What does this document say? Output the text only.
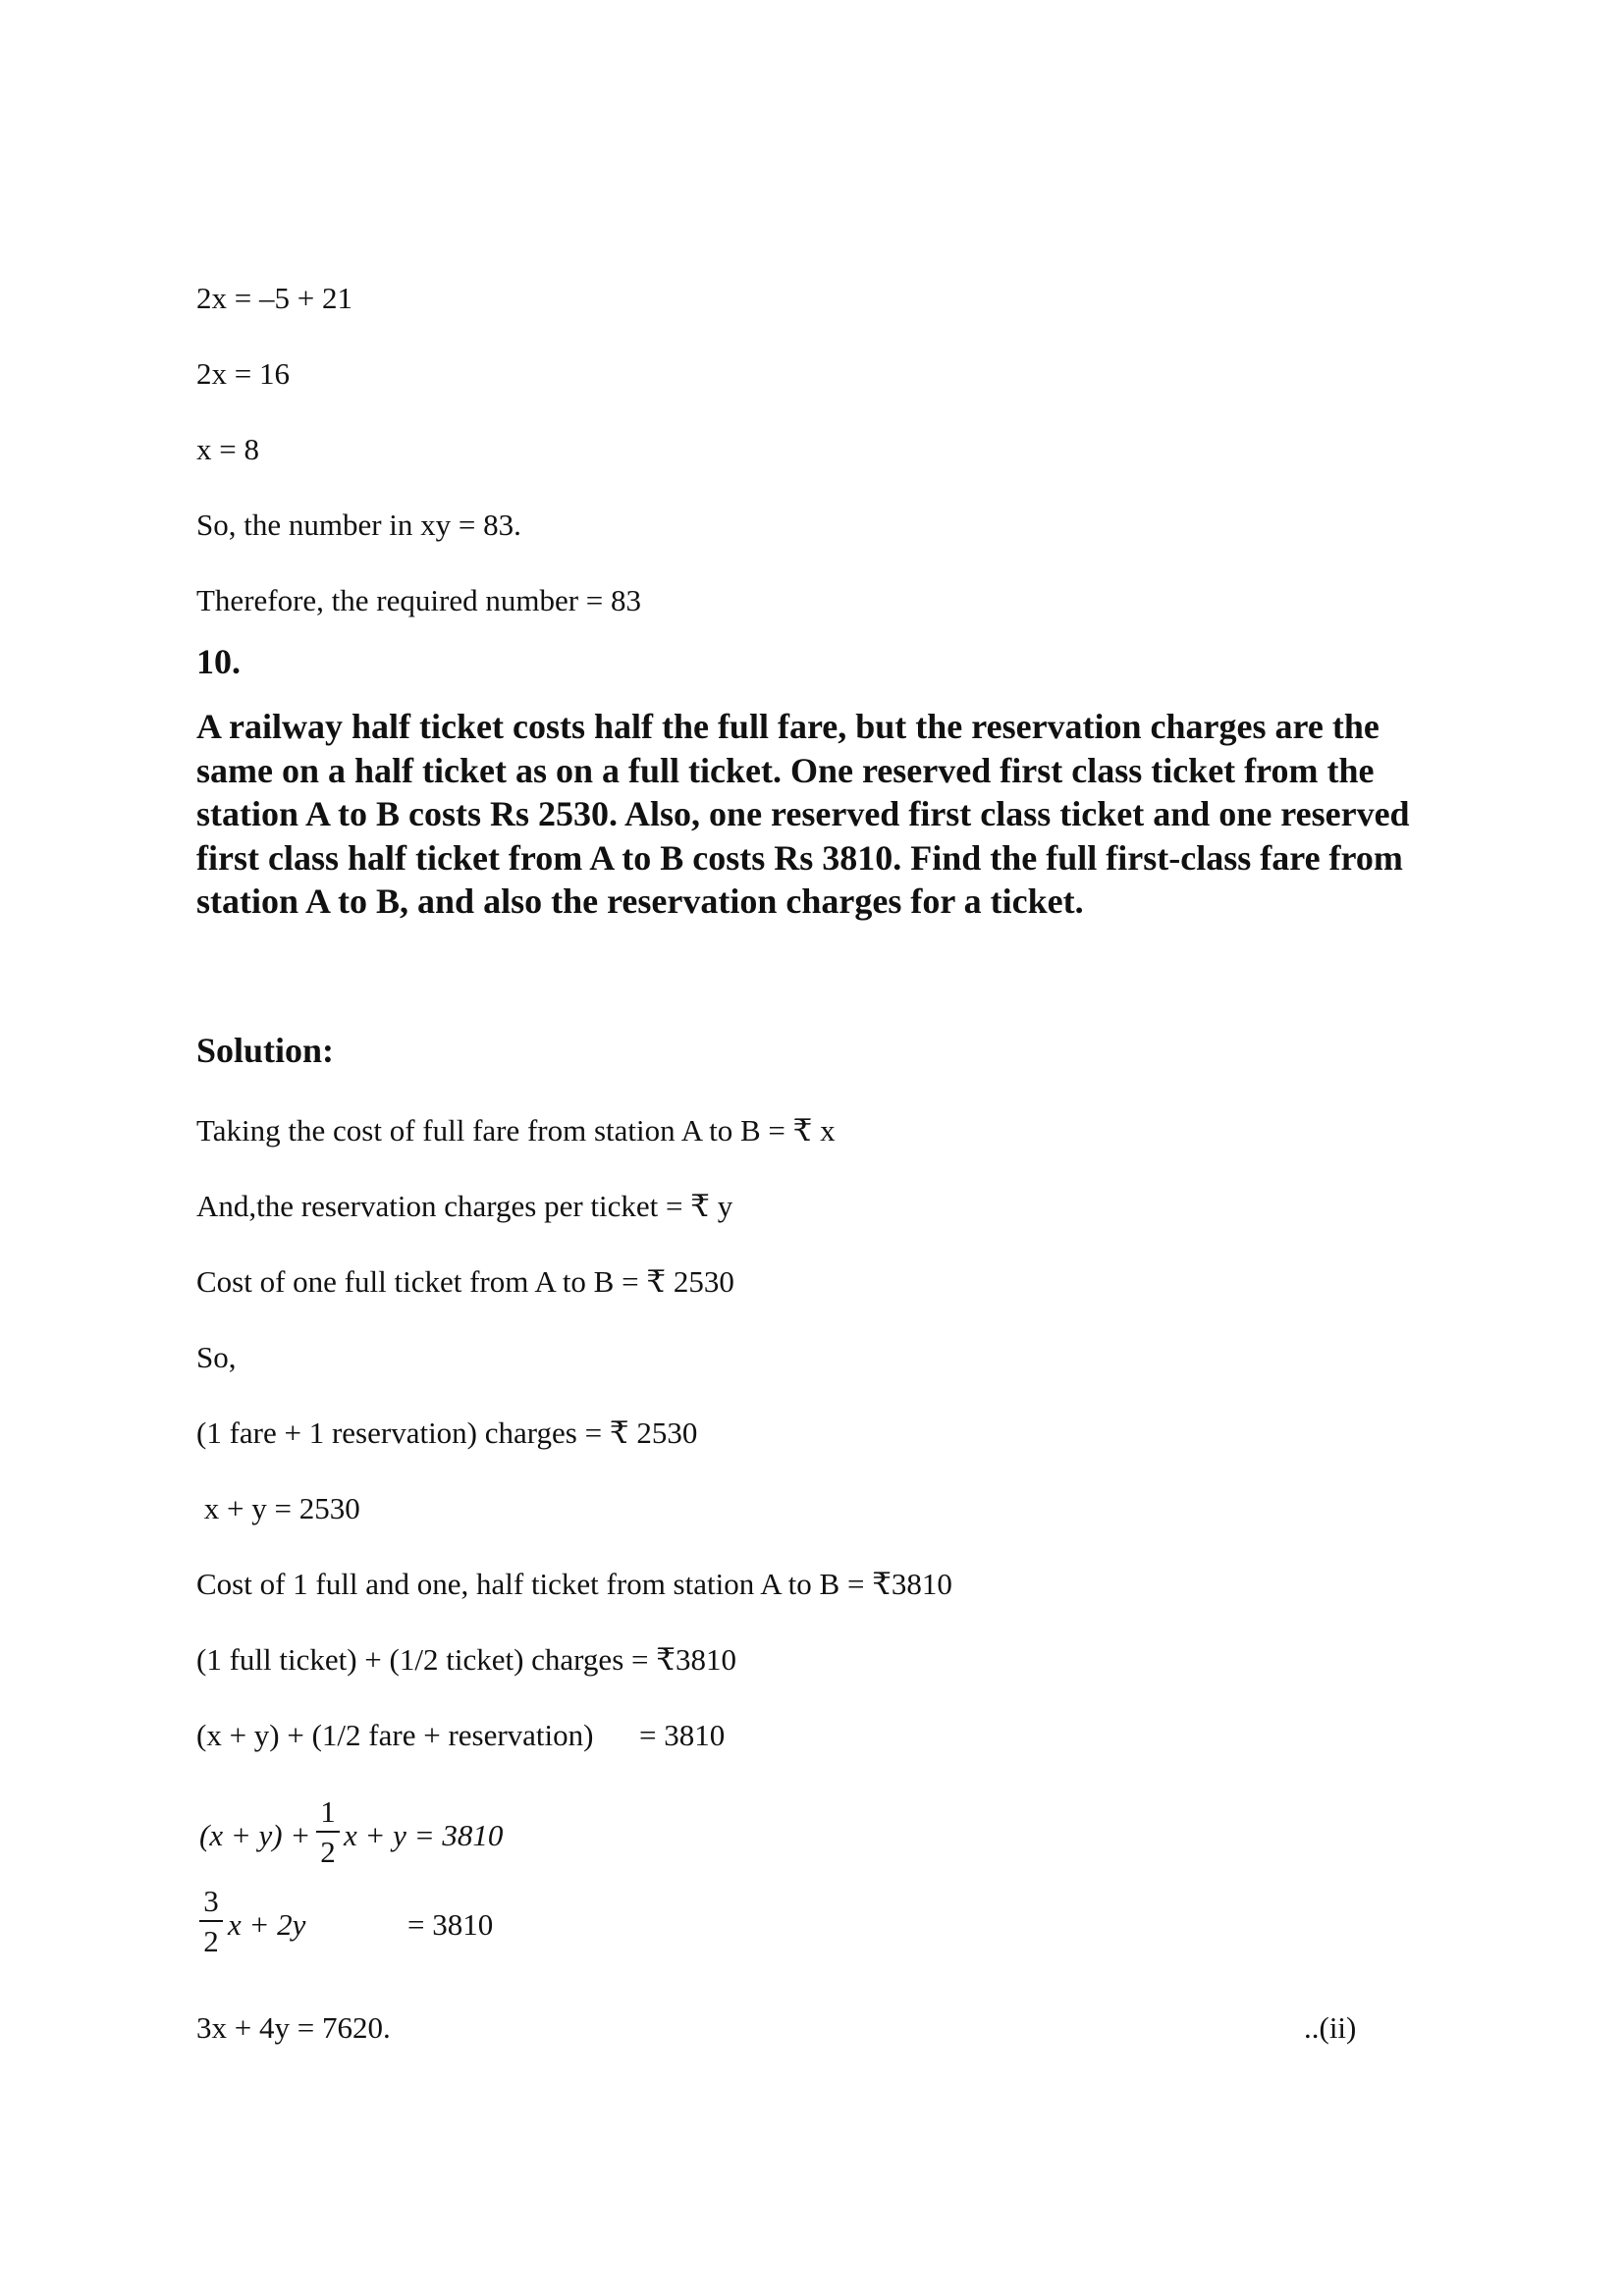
2x = –5 + 21
2x = 16
x = 8
So, the number in xy = 83.
Therefore, the required number = 83
10.
A railway half ticket costs half the full fare, but the reservation charges are the same on a half ticket as on a full ticket. One reserved first class ticket from the station A to B costs Rs 2530. Also, one reserved first class ticket and one reserved first class half ticket from A to B costs Rs 3810. Find the full first-class fare from station A to B, and also the reservation charges for a ticket.
Solution:
Taking the cost of full fare from station A to B = ₹ x
And,the reservation charges per ticket = ₹ y
Cost of one full ticket from A to B = ₹ 2530
So,
(1 fare + 1 reservation) charges = ₹ 2530
x + y = 2530
Cost of 1 full and one, half ticket from station A to B = ₹3810
(1 full ticket) + (1/2 ticket) charges = ₹3810
(x + y) + (1/2 fare + reservation)      = 3810
(x + y) +
1
2 x + y = 3810
3
2 x + 2y	= 3810
3x + 4y = 7620.	..(ii)
